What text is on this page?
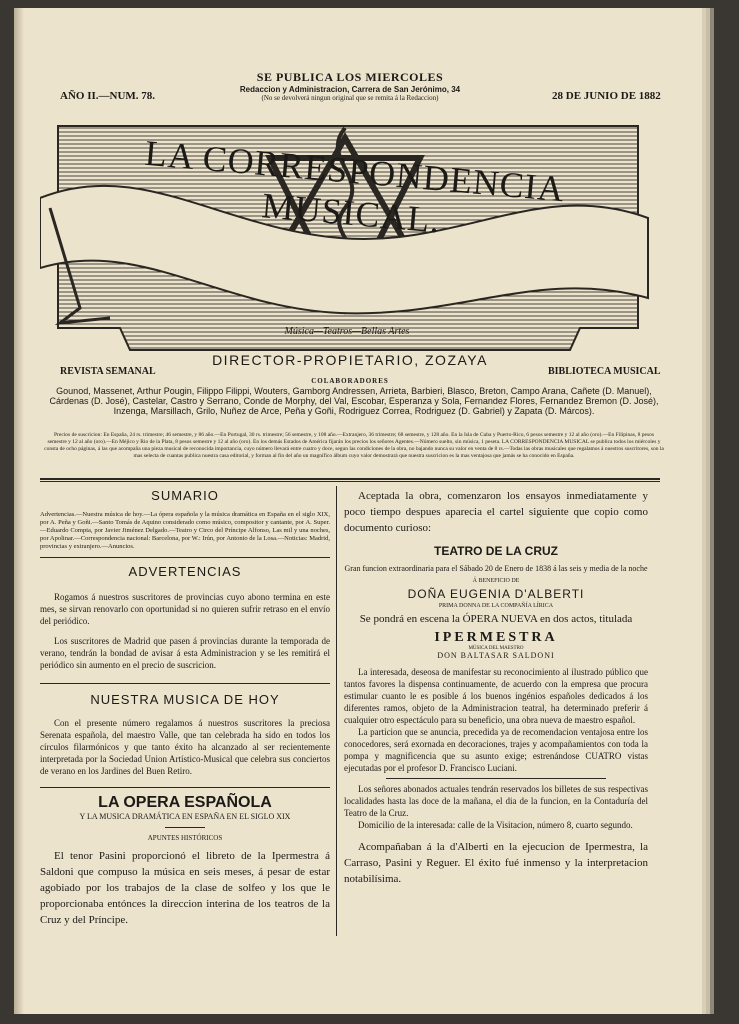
AÑO II.—NUM. 78.	28 DE JUNIO DE 1882
SE PUBLICA LOS MIERCOLES
Redaccion y Administracion, Carrera de San Jerónimo, 34
(No se devolverá ningun original que se remita á la Redaccion)
LA CORRESPONDENCIA MUSICAL.
Música—Teatros—Bellas Artes
DIRECTOR-PROPIETARIO, ZOZAYA
REVISTA SEMANAL	BIBLIOTECA MUSICAL
COLABORADORES
Gounod, Massenet, Arthur Pougin, Filippo Filippi, Wouters, Gamborg Andressen, Arrieta, Barbieri, Blasco, Breton, Campo Arana, Cañete (D. Manuel), Cárdenas (D. José), Castelar, Castro y Serrano, Conde de Morphy, del Val, Escobar, Esperanza y Sola, Fernandez Flores, Fernandez Bremon (D. José), Inzenga, Marsillach, Grilo, Nuñez de Arce, Peña y Goñi, Rodriguez Correa, Rodriguez (D. Gabriel) y Zapata (D. Márcos).
Precios de suscricion: En España, 24 rs. trimestre; 46 semestre, y 86 año.—En Portugal, 30 rs. trimestre; 56 semestre, y 108 año.—Extranjero, 36 trimestre; 68 semestre, y 128 año. En la Isla de Cuba y Puerto-Rico, 6 pesos semestre y 12 al año (oro).—En Filipinas, 8 pesos semestre y 12 al año (oro).—En Méjico y Rio de la Plata, 8 pesos semestre y 12 al año (oro). En los demás Estados de América fijarán los precios los señores Agentes.—Número suelto, sin música, 1 peseta. LA CORRESPONDENCIA MUSICAL se publica todos los miércoles y consta de ocho páginas, á las que acompaña una pieza musical de reconocida importancia, cuyo número llevará entre cuatro y doce, segun las condiciones de la obra, no bajando nunca su valor en venta de 8 rs.—Todas las obras musicales que regalamos á nuestros suscritores, son la mas selecta de cuantas publica nuestra casa editorial, y forman al fin del año un magnífico álbum cuyo valor demostrará que nuestra suscricion es la mas ventajosa que jamás se ha conocido en España.
SUMARIO
Advertencias.—Nuestra música de hoy.—La ópera española y la música dramática en España en el siglo XIX, por A. Peña y Goñi.—Santo Tomás de Aquino considerado como músico, compositor y cantante, por A. Super.—Eduardo Compta, por Javier Jiménez Delgado.—Teatro y Circo del Príncipe Alfonso, Las mil y una noches, por Apolinar.—Correspondencia nacional: Barcelona, por W.: Irún, por Antonio de la Losa.—Noticias: Madrid, provincias y extranjero.—Anuncios.
ADVERTENCIAS

Rogamos á nuestros suscritores de provincias cuyo abono termina en este mes, se sirvan renovarlo con oportunidad si no quieren sufrir retraso en el envío del periódico.

Los suscritores de Madrid que pasen á provincias durante la temporada de verano, tendrán la bondad de avisar á esta Administracion y se les remitirá el periódico sin aumento en el precio de suscricion.

NUESTRA MUSICA DE HOY

Con el presente número regalamos á nuestros suscritores la preciosa Serenata española, del maestro Valle, que tan celebrada ha sido en todos los círculos filarmónicos y que tanto éxito ha alcanzado al ser recientemente interpretada por la Sociedad Union Artístico-Musical que celebra sus conciertos de verano en los Jardines del Buen Retiro.

LA OPERA ESPAÑOLA
Y LA MUSICA DRAMÁTICA EN ESPAÑA EN EL SIGLO XIX
APUNTES HISTÓRICOS

El tenor Pasini proporcionó el libreto de la Ipermestra á Saldoni que compuso la música en seis meses, á pesar de estar agobiado por los trabajos de la clase de solfeo y los que le proporcionaba entónces la direccion interina de los teatros de la Cruz y del Príncipe.

Aceptada la obra, comenzaron los ensayos inmediatamente y poco tiempo despues aparecia el cartel siguiente que copio como documento curioso:

TEATRO DE LA CRUZ
Gran funcion extraordinaria para el Sábado 20 de Enero de 1838 á las seis y media de la noche
Á BENEFICIO DE
DOÑA EUGENIA D'ALBERTI
PRIMA DONNA DE LA COMPAÑÍA LÍRICA
Se pondrá en escena la ÓPERA NUEVA en dos actos, titulada
IPERMESTRA
MÚSICA DEL MAESTRO
DON BALTASAR SALDONI

La interesada, deseosa de manifestar su reconocimiento al ilustrado público que tantos favores la dispensa continuamente, de acuerdo con la empresa que procura estimular cuanto le es posible á los buenos ingénios españoles dedicados á los diferentes ramos, objeto de la Administracion teatral, ha determinado preferir á cualquier otro espectáculo para su beneficio, una obra nueva de maestro español.

La particion que se anuncia, precedida ya de recomendacion ventajosa entre los conocedores, será exornada en decoraciones, trajes y acompañamientos con toda la pompa y magnificencia que su asunto exige; estrenándose CUATRO vistas ejecutadas por el profesor D. Francisco Luciani.

Los señores abonados actuales tendrán reservados los billetes de sus respectivas localidades hasta las doce de la mañana, el dia de la funcion, en la Contaduría del Teatro de la Cruz.

Domicilio de la interesada: calle de la Visitacion, número 8, cuarto segundo.

Acompañaban á la d'Alberti en la ejecucion de Ipermestra, la Carraso, Pasini y Reguer. El éxito fué inmenso y la interpretacion notabilísima.
